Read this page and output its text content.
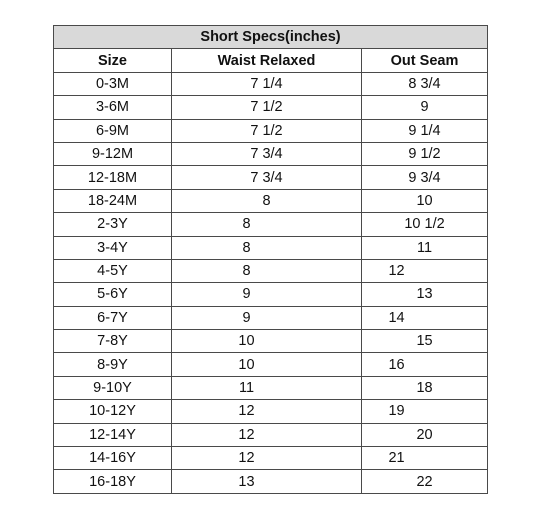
Short Specs(inches)		
Size	Waist Relaxed	Out Seam

0-3M	7 1/4	8 3/4

3-6M	7 1/2	9

6-9M	7 1/2	9 1/4

9-12M	7 3/4	9 1/2

12-18M	7 3/4	9 3/4

18-24M	8	10

2-3Y	8	10 1/2

3-4Y	8	11

4-5Y	8	12

5-6Y	9	13

6-7Y	9	14

7-8Y	10	15

8-9Y	10	16

9-10Y	11	18

10-12Y	12	19

12-14Y	12	20

14-16Y	12	21

16-18Y	13	22
